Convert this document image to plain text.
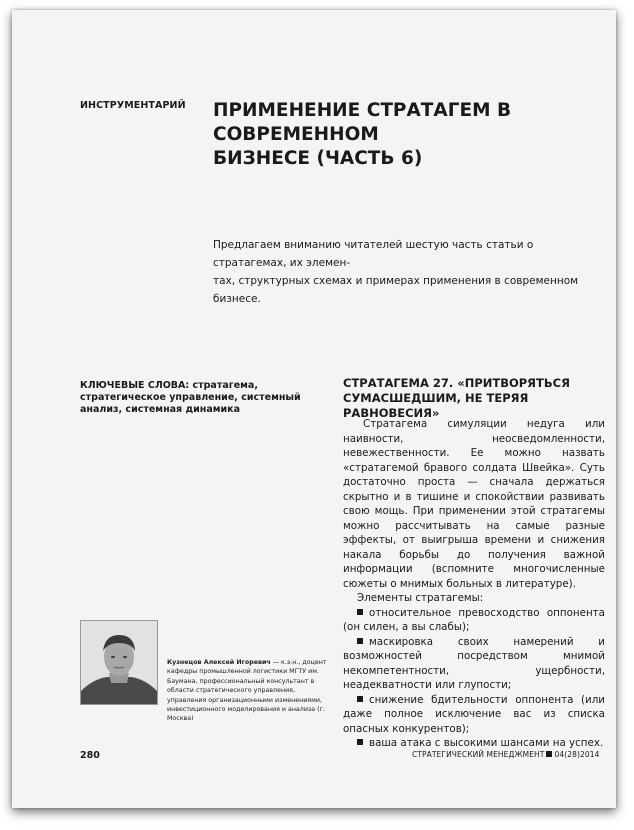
ИНСТРУМЕНТАРИЙ ПРИМЕНЕНИЕ СТРАТАГЕМ В СОВРЕМЕННОМ
БИЗНЕСЕ (ЧАСТЬ 6)
Предлагаем вниманию читателей шестую часть статьи о стратагемах, их элемен-
тах, структурных схемах и примерах применения в современном бизнесе.
КЛЮЧЕВЫЕ СЛОВА: стратагема, стратегическое управление, системный анализ, системная динамика
СТРАТАГЕМА 27. «ПРИТВОРЯТЬСЯ
СУМАСШЕДШИМ, НЕ ТЕРЯЯ РАВНОВЕСИЯ»

Стратагема симуляции недуга или наивности, неосведомленности, невежественности. Ее можно назвать «стратагемой бравого солдата Швейка». Суть достаточно проста — сначала держаться скрытно и в тишине и спокойствии развивать свою мощь. При применении этой стратагемы можно рассчитывать на самые разные эффекты, от выигрыша времени и снижения накала борьбы до получения важной информации (вспомните многочисленные сюжеты о мнимых больных в литературе).

Элементы стратагемы:

относительное превосходство оппонента (он силен, а вы слабы);

маскировка своих намерений и возможностей посредством мнимой некомпетентности, ущербности, неадекватности или глупости;

снижение бдительности оппонента (или даже полное исключение вас из списка опасных конкурентов);

ваша атака с высокими шансами на успех.

Кузнецов Алексей Игоревич — к.э.н., доцент кафедры промышленной логистики МГТУ им. Баумана, профессиональный консультант в области стратегического управления, управления организационными изменениями, инвестиционного моделирования и анализа (г. Москва)
280	СТРАТЕГИЧЕСКИЙ МЕНЕДЖМЕНТ 04(28)2014
